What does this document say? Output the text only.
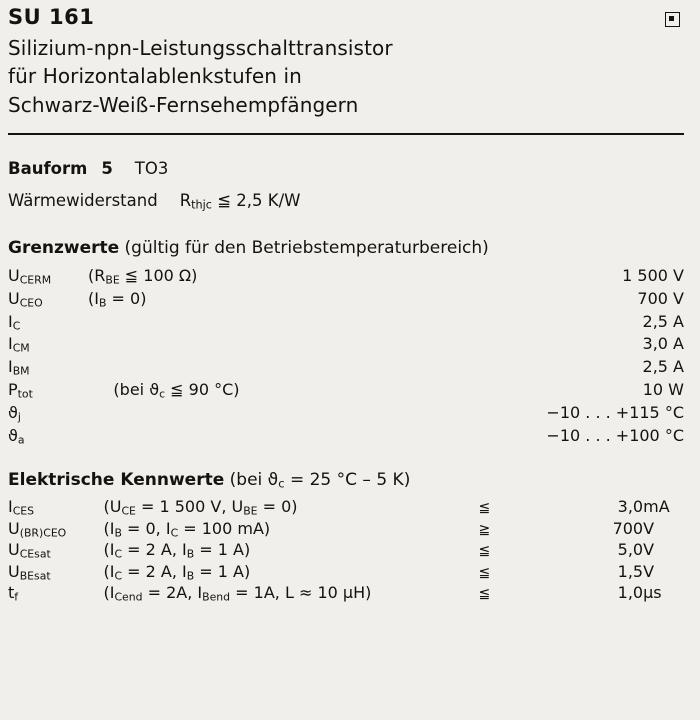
SU 161
Silizium-npn-Leistungsschalttransistor
für Horizontalablenkstufen in
Schwarz-Weiß-Fernsehempfängern
Bauform 5 TO3
Wärmewiderstand $R_{thjc}$ ≦ 2,5 K/W
Grenzwerte (gültig für den Betriebstemperaturbereich)
$U_{CERM}$	($R_{BE}$ ≦ 100 Ω)	1 500 V
$U_{CEO}$	$(I_B = 0)$	700 V
$I_C$		2,5 A
$I_{CM}$		3,0 A
$I_{BM}$		2,5 A
$P_{tot}$	(bei $ϑ_c$ ≦ 90 °C)	10 W
$ϑ_j$		−10 . . . +115 °C
$ϑ_a$		−10 . . . +100 °C
Elektrische Kennwerte (bei $ϑ_c = 25$ °C – 5 K)
$I_{CES}$	($U_{CE} = 1$ 500 V, $U_{BE} = 0$)	≦	3,0	mA
$U_{(BR)CEO}$	($I_B = 0$, $I_C = 100$ mA)	≧	700	V
$U_{CEsat}$	($I_C = 2$ A, $I_B = 1$ A)	≦	5,0	V
$U_{BEsat}$	($I_C = 2$ A, $I_B = 1$ A)	≦	1,5	V
$t_f$	($I_{Cend} = 2A$, $I_{Bend} = 1A$, L ≈ 10 µH)	≦	1,0	µs
